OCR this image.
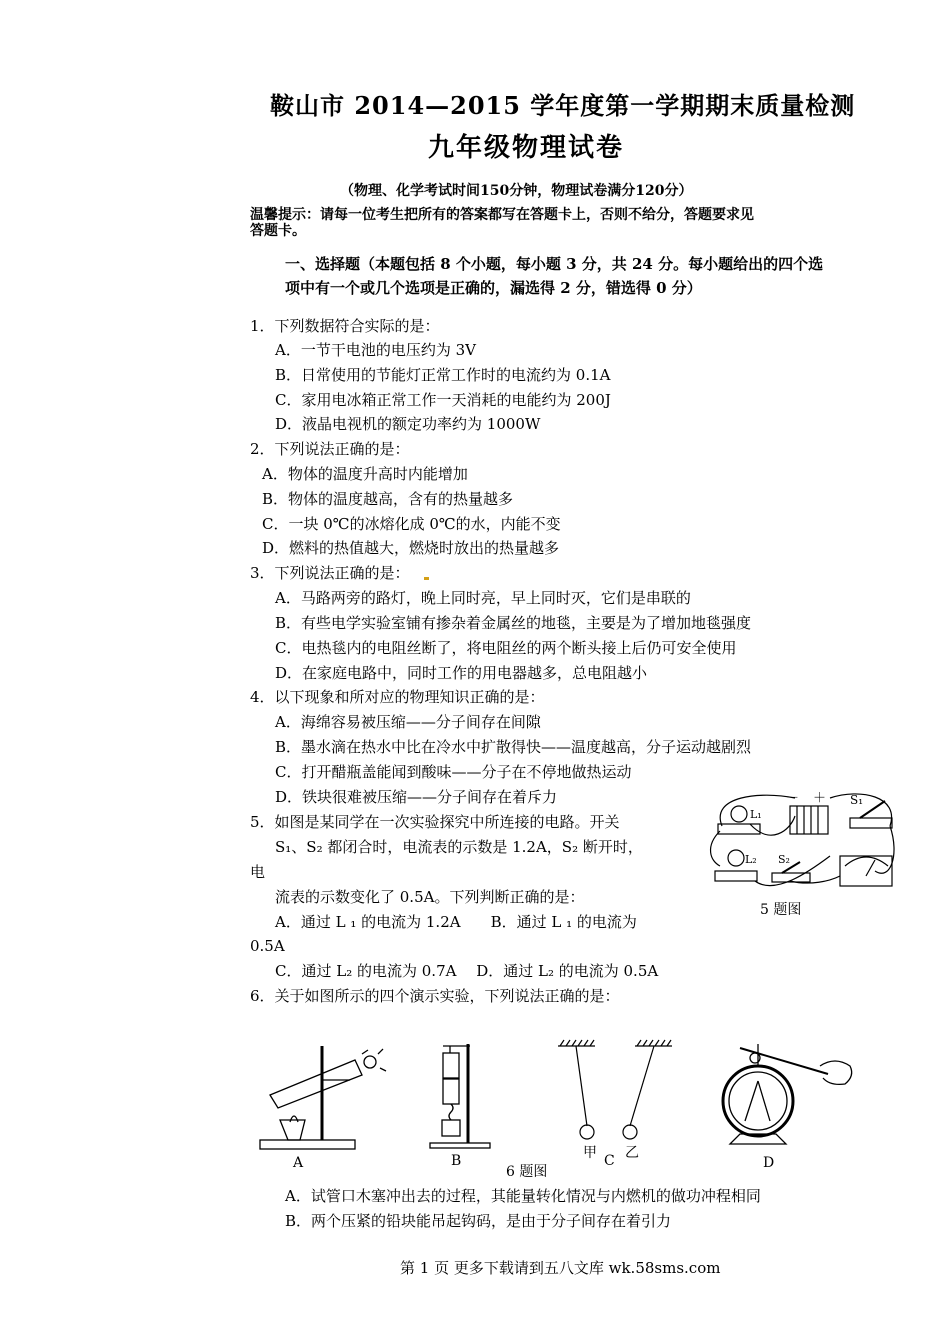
鞍山市 2014—2015 学年度第一学期期末质量检测
九年级物理试卷
（物理、化学考试时间150分钟，物理试卷满分120分）
温馨提示：请每一位考生把所有的答案都写在答题卡上，否则不给分，答题要求见
答题卡。
一、选择题（本题包括 8 个小题，每小题 3 分，共 24 分。每小题给出的四个选
项中有一个或几个选项是正确的，漏选得 2 分，错选得 0 分）
1．下列数据符合实际的是：
A．一节干电池的电压约为 3V
B．日常使用的节能灯正常工作时的电流约为 0.1A
C．家用电冰箱正常工作一天消耗的电能约为 200J
D．液晶电视机的额定功率约为 1000W
2．下列说法正确的是：
A．物体的温度升高时内能增加
B．物体的温度越高，含有的热量越多
C．一块 0℃的冰熔化成 0℃的水，内能不变
D．燃料的热值越大，燃烧时放出的热量越多
3．下列说法正确的是：
A．马路两旁的路灯，晚上同时亮，早上同时灭，它们是串联的
B．有些电学实验室铺有掺杂着金属丝的地毯，主要是为了增加地毯强度
C．电热毯内的电阻丝断了，将电阻丝的两个断头接上后仍可安全使用
D．在家庭电路中，同时工作的用电器越多，总电阻越小
4．以下现象和所对应的物理知识正确的是：
A．海绵容易被压缩——分子间存在间隙
B．墨水滴在热水中比在冷水中扩散得快——温度越高，分子运动越剧烈
C．打开醋瓶盖能闻到酸味——分子在不停地做热运动
D．铁块很难被压缩——分子间存在着斥力
5．如图是某同学在一次实验探究中所连接的电路。开关
S₁、S₂ 都闭合时，电流表的示数是 1.2A，S₂ 断开时，
电
流表的示数变化了 0.5A。下列判断正确的是：
A．通过 L ₁ 的电流为 1.2A　　B．通过 L ₁ 的电流为
0.5A
C．通过 L₂ 的电流为 0.7A　 D．通过 L₂ 的电流为 0.5A
－ ＋ S₁
L₁
L₂ S₂
5 题图
6．关于如图所示的四个演示实验，下列说法正确的是：
A	B	甲 乙
C
6 题图
D
A．试管口木塞冲出去的过程，其能量转化情况与内燃机的做功冲程相同
B．两个压紧的铅块能吊起钩码，是由于分子间存在着引力
第 1 页 更多下载请到五八文库 wk.58sms.com
